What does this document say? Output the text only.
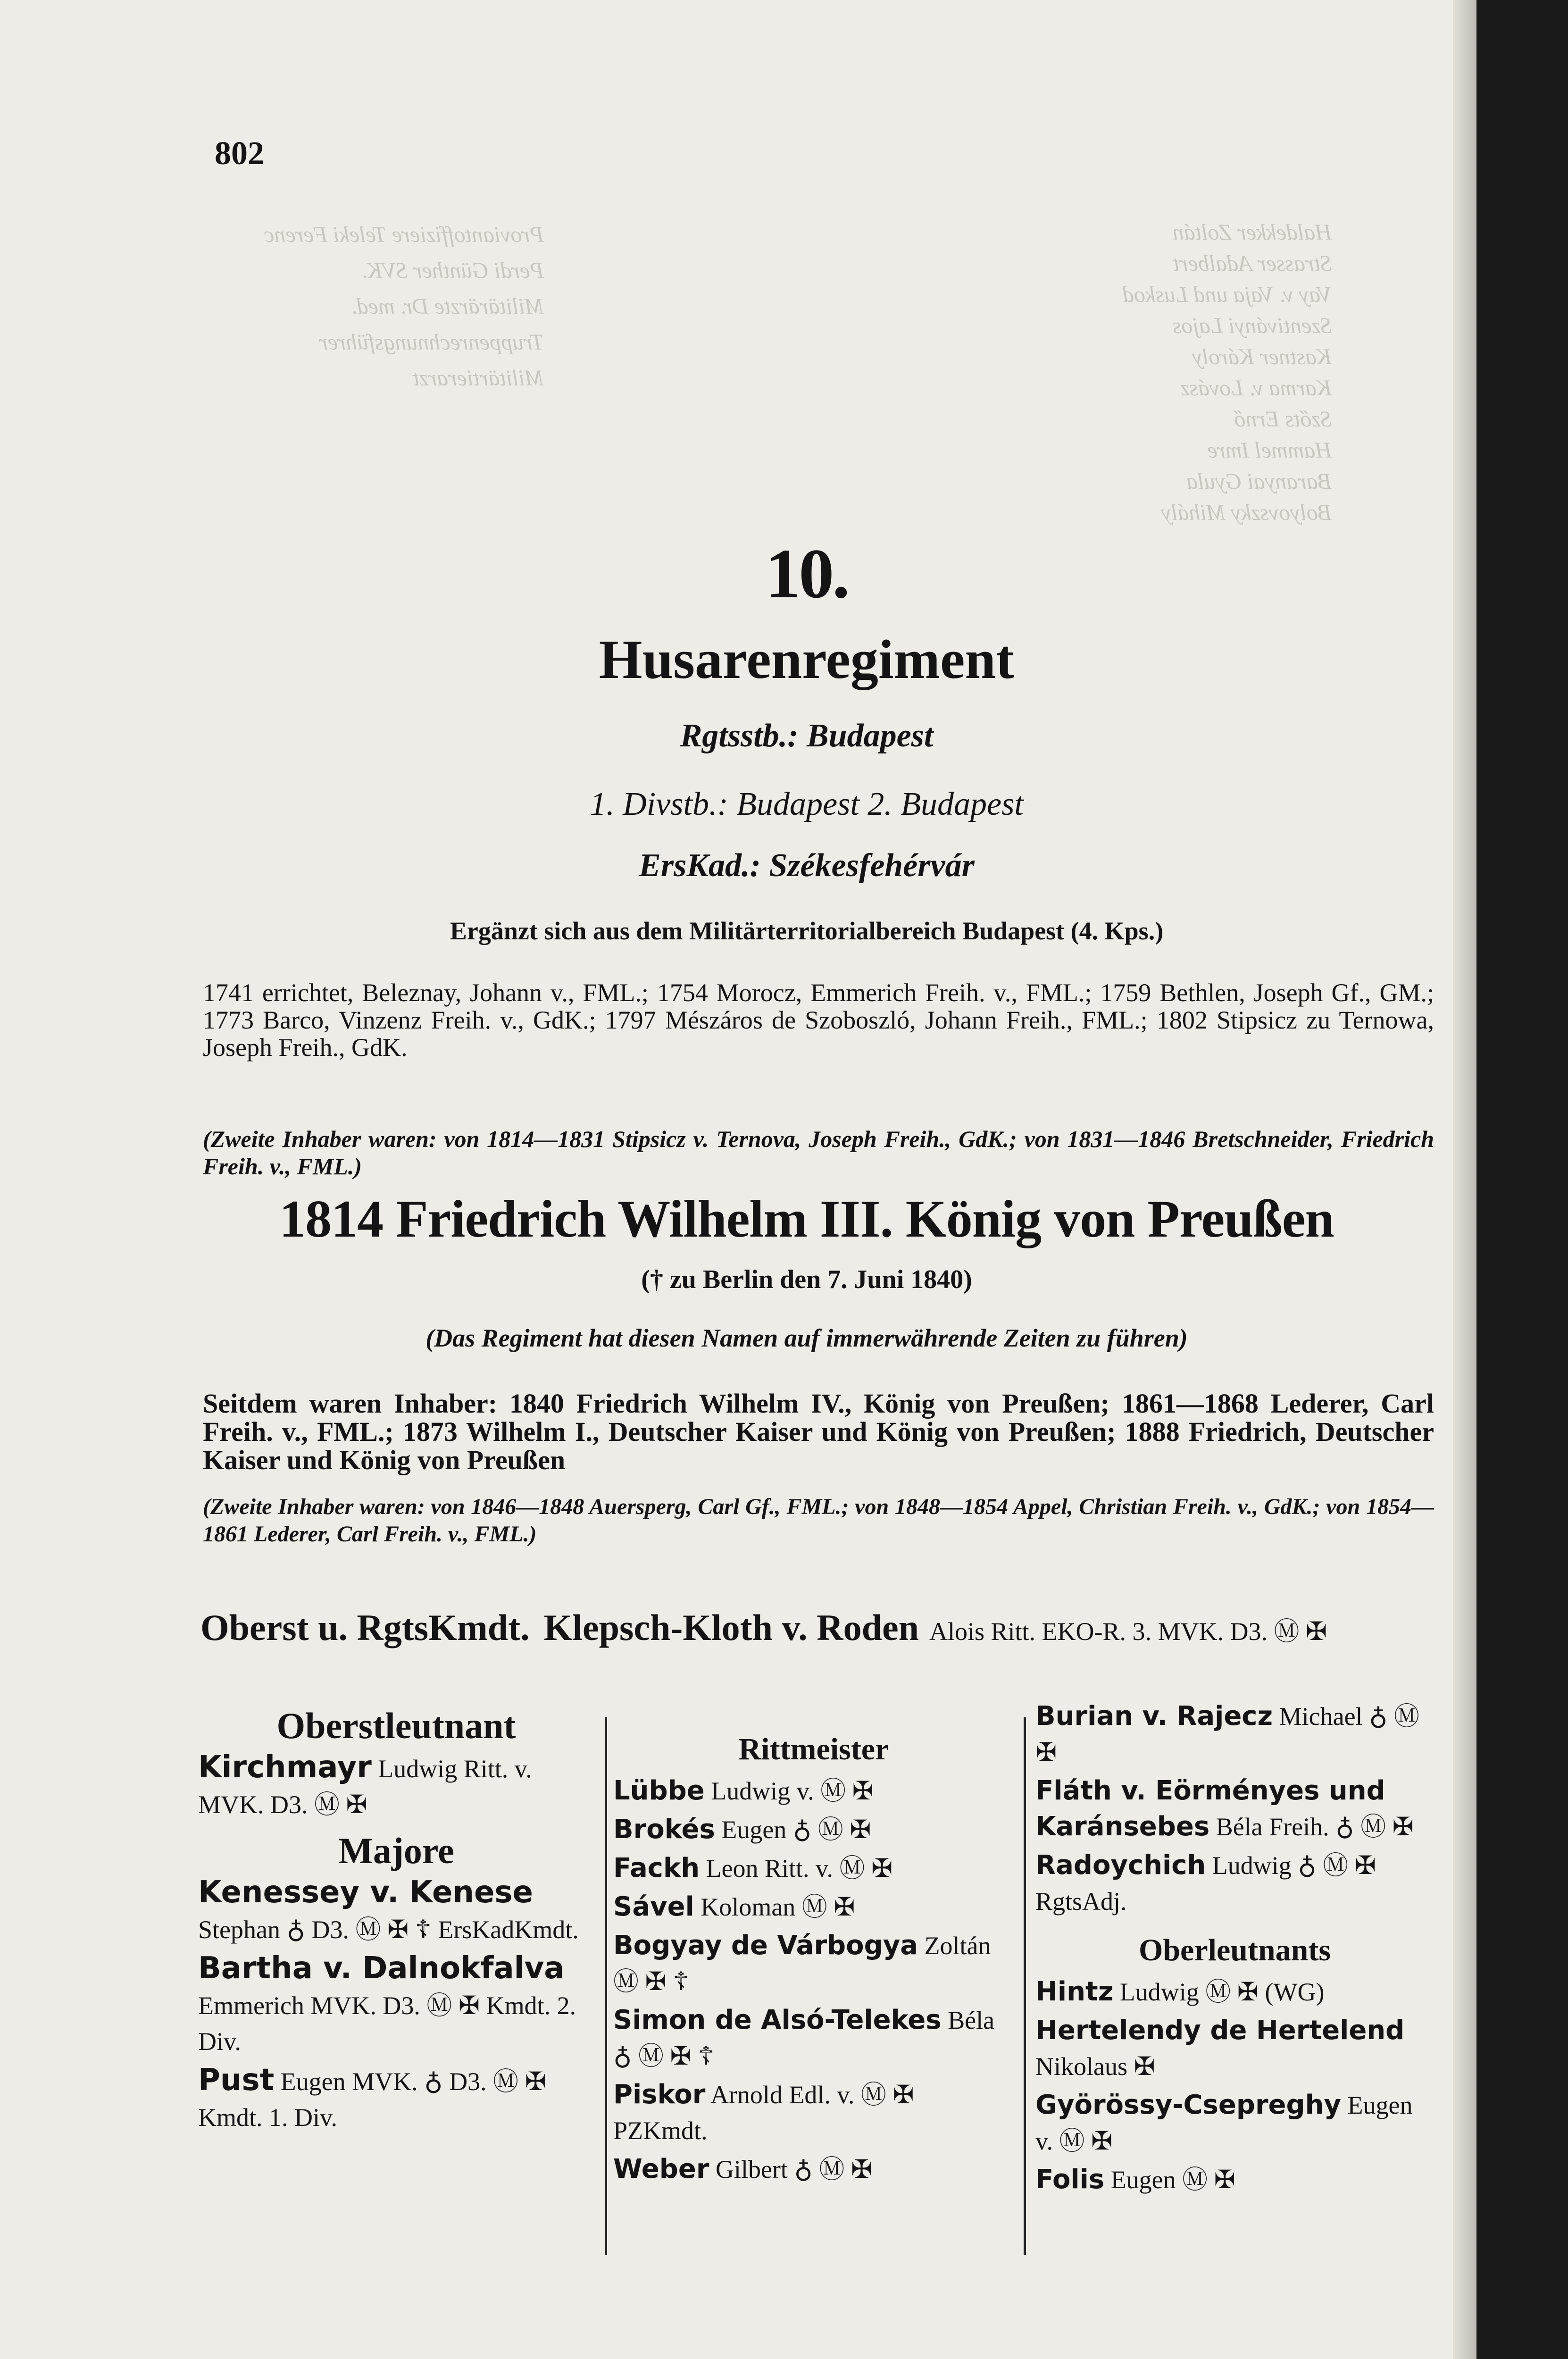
Proviantoffiziere Teleki Ferenc
Perdi Günther SVK.
Militärärzte Dr. med.
Truppenrechnungsführer
Militärtierarzt
Haldekker Zoltán
Strasser Adalbert
Vay v. Vaja und Luskod
Szentiványi Lajos
Kastner Károly
Karma v. Lovász
Szőts Ernő
Hammel Imre
Baranyai Gyula
Bolyovszky Mihály
802
10.
Husarenregiment
Rgtsstb.: Budapest
1. Divstb.: Budapest 2. Budapest
ErsKad.: Székesfehérvár
Ergänzt sich aus dem Militärterritorialbereich Budapest (4. Kps.)
1741 errichtet, Beleznay, Johann v., FML.; 1754 Morocz, Emmerich Freih. v., FML.; 1759 Bethlen, Joseph Gf., GM.; 1773 Barco, Vinzenz Freih. v., GdK.; 1797 Mészáros de Szoboszló, Johann Freih., FML.; 1802 Stipsicz zu Ternowa, Joseph Freih., GdK.
(Zweite Inhaber waren: von 1814—1831 Stipsicz v. Ternova, Joseph Freih., GdK.; von 1831—1846 Bretschneider, Friedrich Freih. v., FML.)
1814 Friedrich Wilhelm III. König von Preußen
(† zu Berlin den 7. Juni 1840)
(Das Regiment hat diesen Namen auf immerwährende Zeiten zu führen)
Seitdem waren Inhaber: 1840 Friedrich Wilhelm IV., König von Preußen; 1861—1868 Lederer, Carl Freih. v., FML.; 1873 Wilhelm I., Deutscher Kaiser und König von Preußen; 1888 Friedrich, Deutscher Kaiser und König von Preußen
(Zweite Inhaber waren: von 1846—1848 Auersperg, Carl Gf., FML.; von 1848—1854 Appel, Christian Freih. v., GdK.; von 1854—1861 Lederer, Carl Freih. v., FML.)
Oberst u. RgtsKmdt. Klepsch-Kloth v. Roden Alois Ritt. EKO-R. 3. MVK. D3. Ⓜ ✠
Oberstleutnant
Kirchmayr Ludwig Ritt. v. MVK. D3. Ⓜ ✠
Majore
Kenessey v. Kenese Stephan ♁ D3. Ⓜ ✠ ☦ ErsKadKmdt.
Bartha v. Dalnokfalva Emmerich MVK. D3. Ⓜ ✠ Kmdt. 2. Div.
Pust Eugen MVK. ♁ D3. Ⓜ ✠ Kmdt. 1. Div.
Rittmeister
Lübbe Ludwig v. Ⓜ ✠
Brokés Eugen ♁ Ⓜ ✠
Fackh Leon Ritt. v. Ⓜ ✠
Sável Koloman Ⓜ ✠
Bogyay de Várbogya Zoltán Ⓜ ✠ ☦
Simon de Alsó-Telekes Béla ♁ Ⓜ ✠ ☦
Piskor Arnold Edl. v. Ⓜ ✠ PZKmdt.
Weber Gilbert ♁ Ⓜ ✠
Burian v. Rajecz Michael ♁ Ⓜ ✠
Fláth v. Eörményes und Karánsebes Béla Freih. ♁ Ⓜ ✠
Radoychich Ludwig ♁ Ⓜ ✠ RgtsAdj.
Oberleutnants
Hintz Ludwig Ⓜ ✠ (WG)
Hertelendy de Hertelend Nikolaus ✠
Györössy-Csepreghy Eugen v. Ⓜ ✠
Folis Eugen Ⓜ ✠
